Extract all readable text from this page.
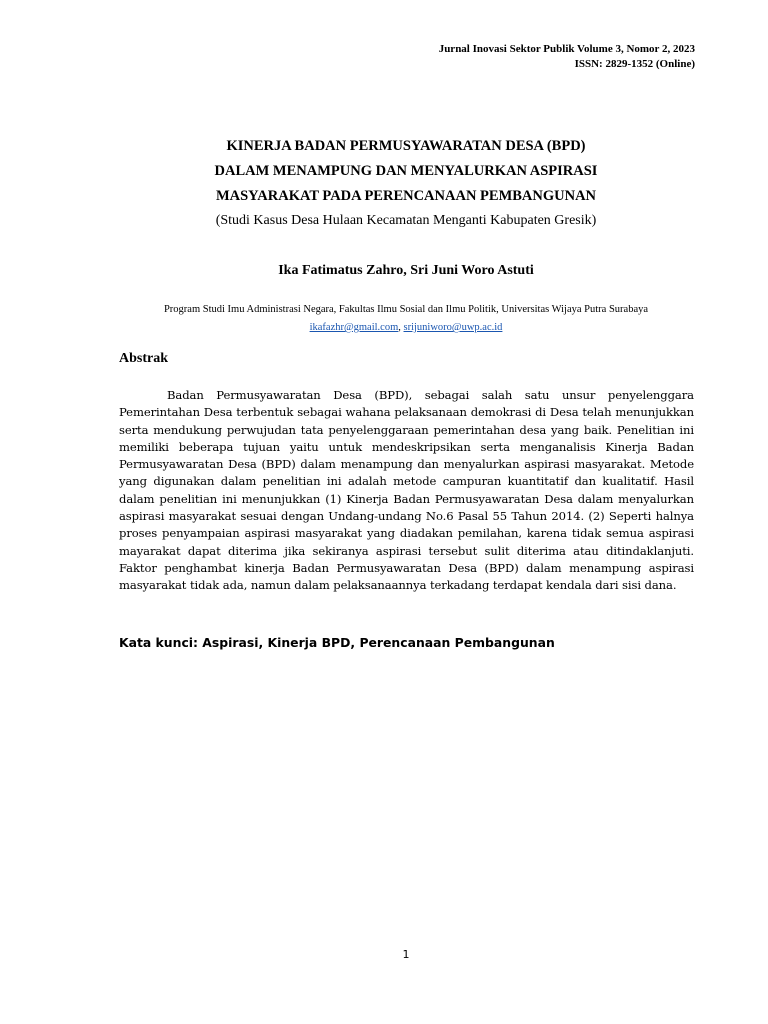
Jurnal Inovasi Sektor Publik Volume 3, Nomor 2, 2023
ISSN: 2829-1352 (Online)
KINERJA BADAN PERMUSYAWARATAN DESA (BPD)
DALAM MENAMPUNG DAN MENYALURKAN ASPIRASI
MASYARAKAT PADA PERENCANAAN PEMBANGUNAN
(Studi Kasus Desa Hulaan Kecamatan Menganti Kabupaten Gresik)
Ika Fatimatus Zahro, Sri Juni Woro Astuti
Program Studi Imu Administrasi Negara, Fakultas Ilmu Sosial dan Ilmu Politik, Universitas Wijaya Putra Surabaya
ikafazhr@gmail.com, srijuniworo@uwp.ac.id
Abstrak

Badan Permusyawaratan Desa (BPD), sebagai salah satu unsur penyelenggara Pemerintahan Desa terbentuk sebagai wahana pelaksanaan demokrasi di Desa telah menunjukkan serta mendukung perwujudan tata penyelenggaraan pemerintahan desa yang baik. Penelitian ini memiliki beberapa tujuan yaitu untuk mendeskripsikan serta menganalisis Kinerja Badan Permusyawaratan Desa (BPD) dalam menampung dan menyalurkan aspirasi masyarakat. Metode yang digunakan dalam penelitian ini adalah metode campuran kuantitatif dan kualitatif. Hasil dalam penelitian ini menunjukkan (1) Kinerja Badan Permusyawaratan Desa dalam menyalurkan aspirasi masyarakat sesuai dengan Undang-undang No.6 Pasal 55 Tahun 2014. (2) Seperti halnya proses penyampaian aspirasi masyarakat yang diadakan pemilahan, karena tidak semua aspirasi mayarakat dapat diterima jika sekiranya aspirasi tersebut sulit diterima atau ditindaklanjuti. Faktor penghambat kinerja Badan Permusyawaratan Desa (BPD) dalam menampung aspirasi masyarakat tidak ada, namun dalam pelaksanaannya terkadang terdapat kendala dari sisi dana.

Kata kunci: Aspirasi, Kinerja BPD, Perencanaan Pembangunan
1
